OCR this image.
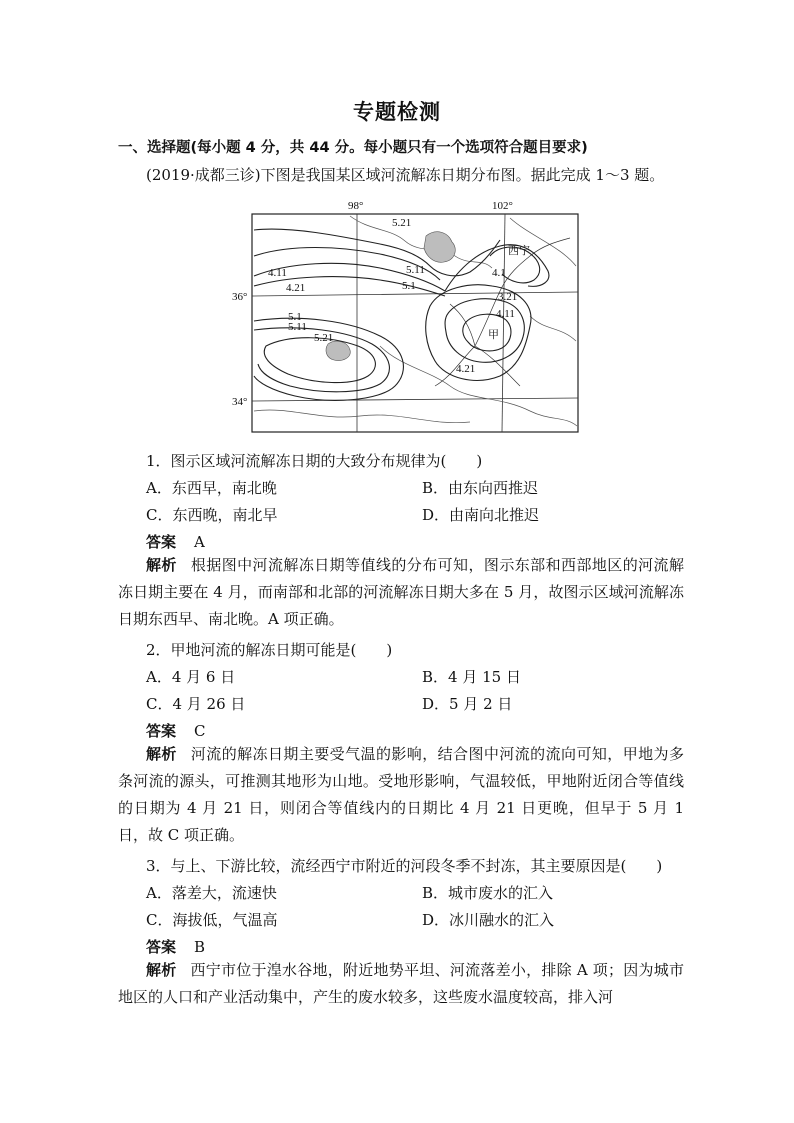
专题检测
一、选择题(每小题 4 分，共 44 分。每小题只有一个选项符合题目要求)
(2019·成都三诊)下图是我国某区域河流解冻日期分布图。据此完成 1～3 题。
98°	102°
36°
34°
5.21
4.11
4.21
5.11
5.1
4.1
3.21
4.11
5.1
5.11
5.21
4.21
西宁
甲
1．图示区域河流解冻日期的大致分布规律为(　　)
A．东西早，南北晚	B．由东向西推迟
C．东西晚，南北早	D．由南向北推迟
答案 A
解析 根据图中河流解冻日期等值线的分布可知，图示东部和西部地区的河流解冻日期主要在 4 月，而南部和北部的河流解冻日期大多在 5 月，故图示区域河流解冻日期东西早、南北晚。A 项正确。
2．甲地河流的解冻日期可能是(　　)
A．4 月 6 日	B．4 月 15 日
C．4 月 26 日	D．5 月 2 日
答案 C
解析 河流的解冻日期主要受气温的影响，结合图中河流的流向可知，甲地为多条河流的源头，可推测其地形为山地。受地形影响，气温较低，甲地附近闭合等值线的日期为 4 月 21 日，则闭合等值线内的日期比 4 月 21 日更晚，但早于 5 月 1 日，故 C 项正确。
3．与上、下游比较，流经西宁市附近的河段冬季不封冻，其主要原因是(　　)
A．落差大，流速快	B．城市废水的汇入
C．海拔低，气温高	D．冰川融水的汇入
答案 B
解析 西宁市位于湟水谷地，附近地势平坦、河流落差小，排除 A 项；因为城市地区的人口和产业活动集中，产生的废水较多，这些废水温度较高，排入河
